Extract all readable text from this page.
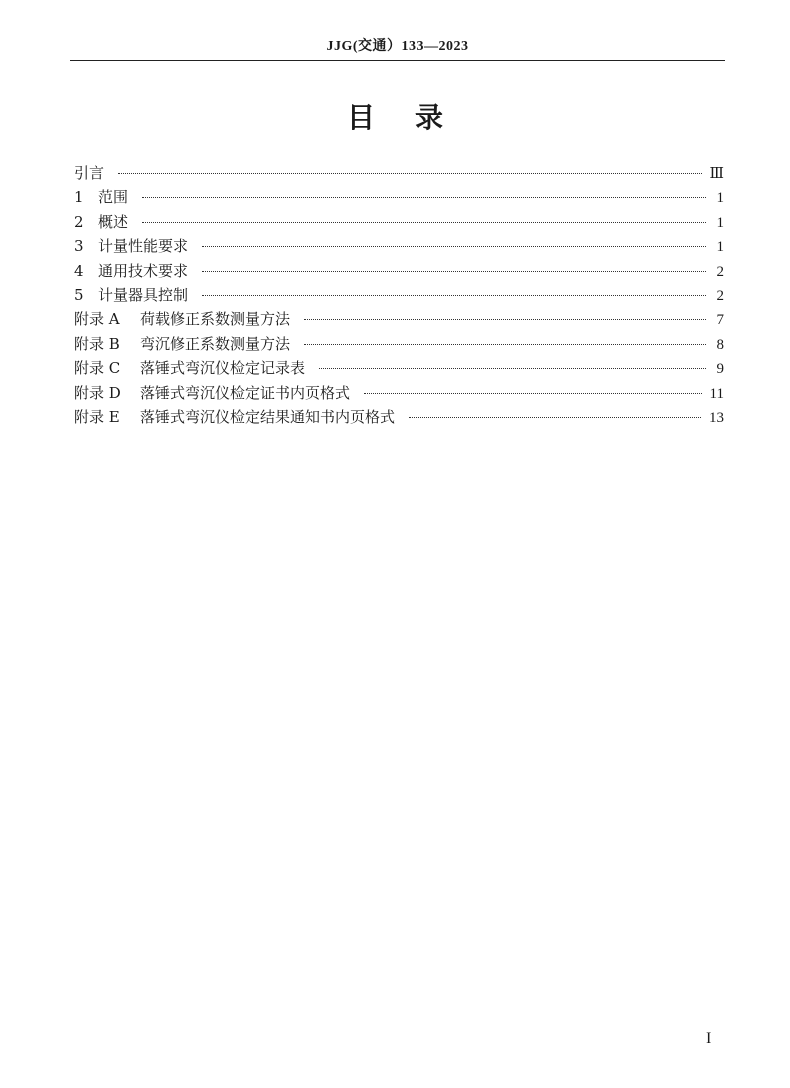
JJG(交通）133—2023
目录
引言	Ⅲ
1 范围	1
2 概述	1
3 计量性能要求	1
4 通用技术要求	2
5 计量器具控制	2
附录 A 荷载修正系数测量方法	7
附录 B 弯沉修正系数测量方法	8
附录 C 落锤式弯沉仪检定记录表	9
附录 D 落锤式弯沉仪检定证书内页格式	11
附录 E 落锤式弯沉仪检定结果通知书内页格式	13
I
